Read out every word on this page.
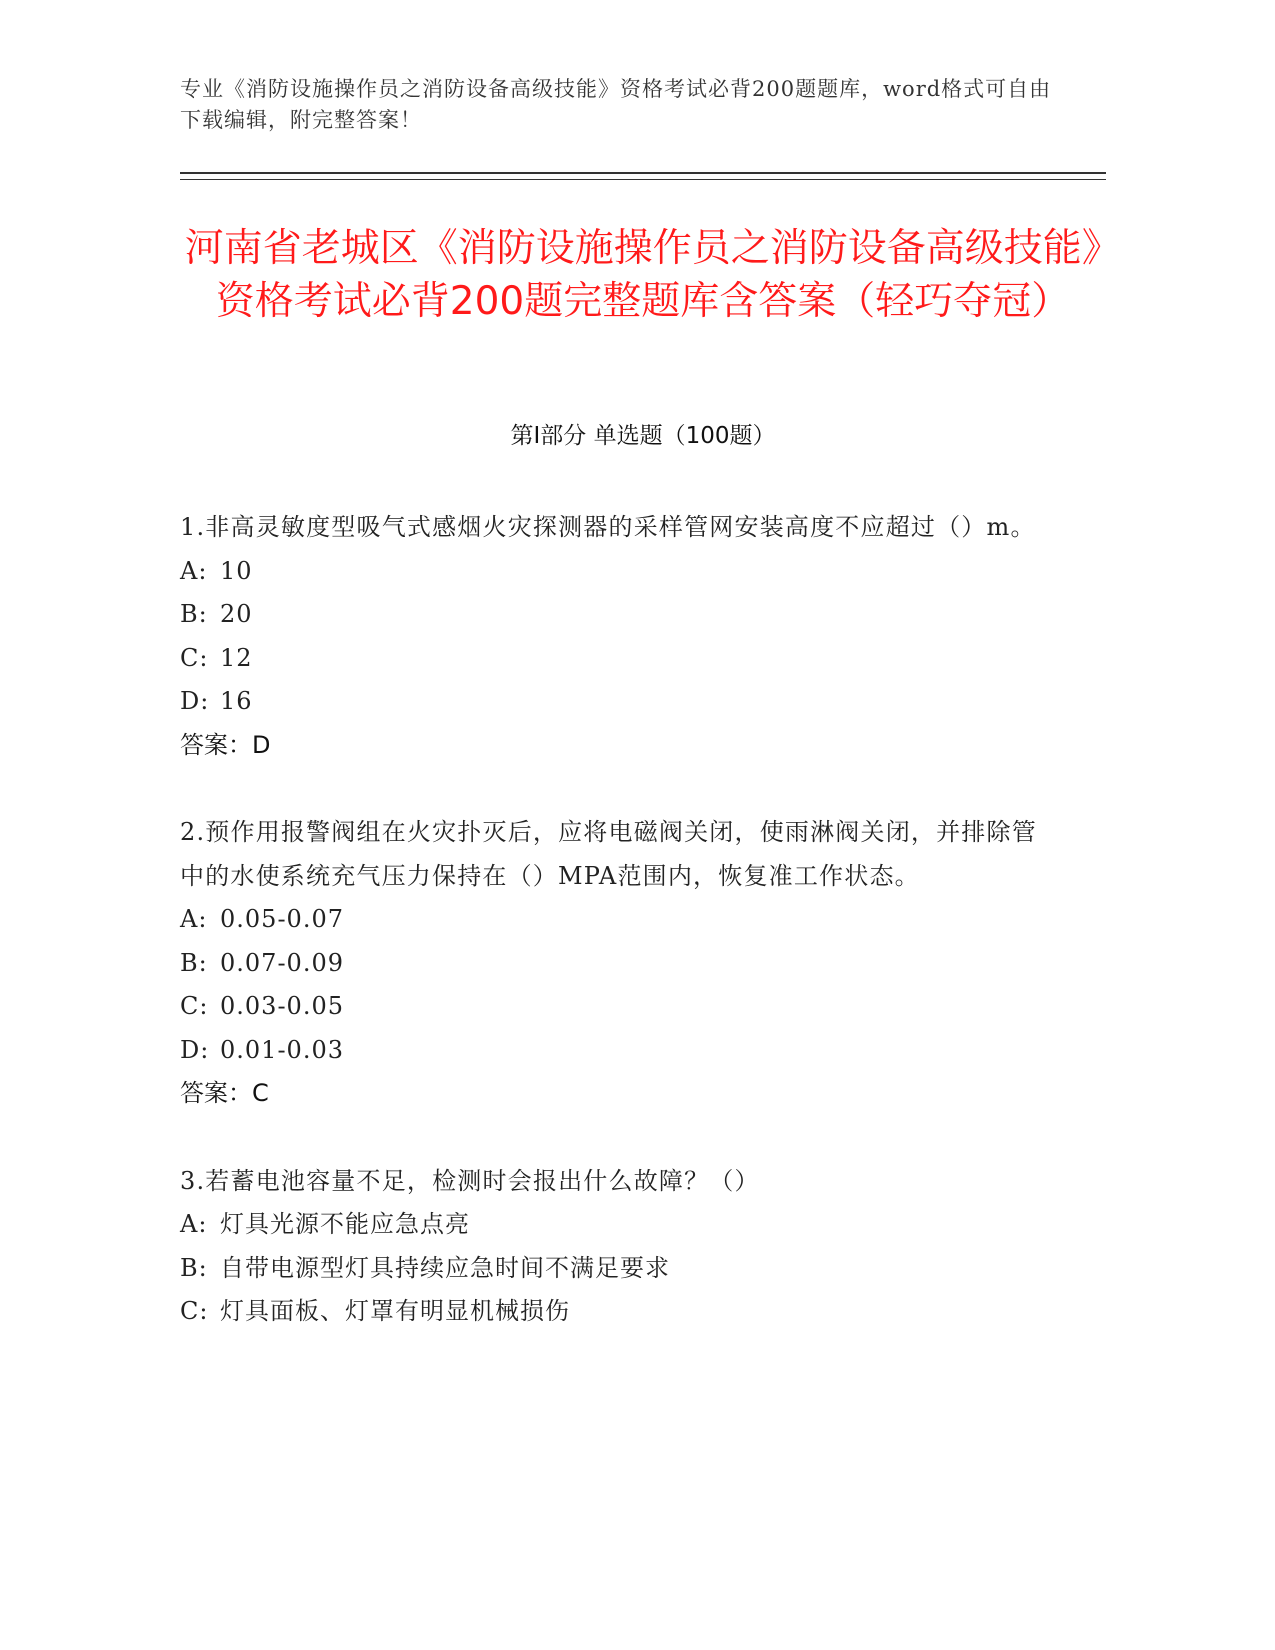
专业《消防设施操作员之消防设备高级技能》资格考试必背200题题库，word格式可自由下载编辑，附完整答案！
河南省老城区《消防设施操作员之消防设备高级技能》资格考试必背200题完整题库含答案（轻巧夺冠）
第I部分 单选题（100题）
1.非高灵敏度型吸气式感烟火灾探测器的采样管网安装高度不应超过（）m。
A: 10
B: 20
C: 12
D: 16
答案：D
2.预作用报警阀组在火灾扑灭后，应将电磁阀关闭，使雨淋阀关闭，并排除管中的水使系统充气压力保持在（）MPA范围内，恢复准工作状态。
A: 0.05-0.07
B: 0.07-0.09
C: 0.03-0.05
D: 0.01-0.03
答案：C
3.若蓄电池容量不足，检测时会报出什么故障？（）
A: 灯具光源不能应急点亮
B: 自带电源型灯具持续应急时间不满足要求
C: 灯具面板、灯罩有明显机械损伤
